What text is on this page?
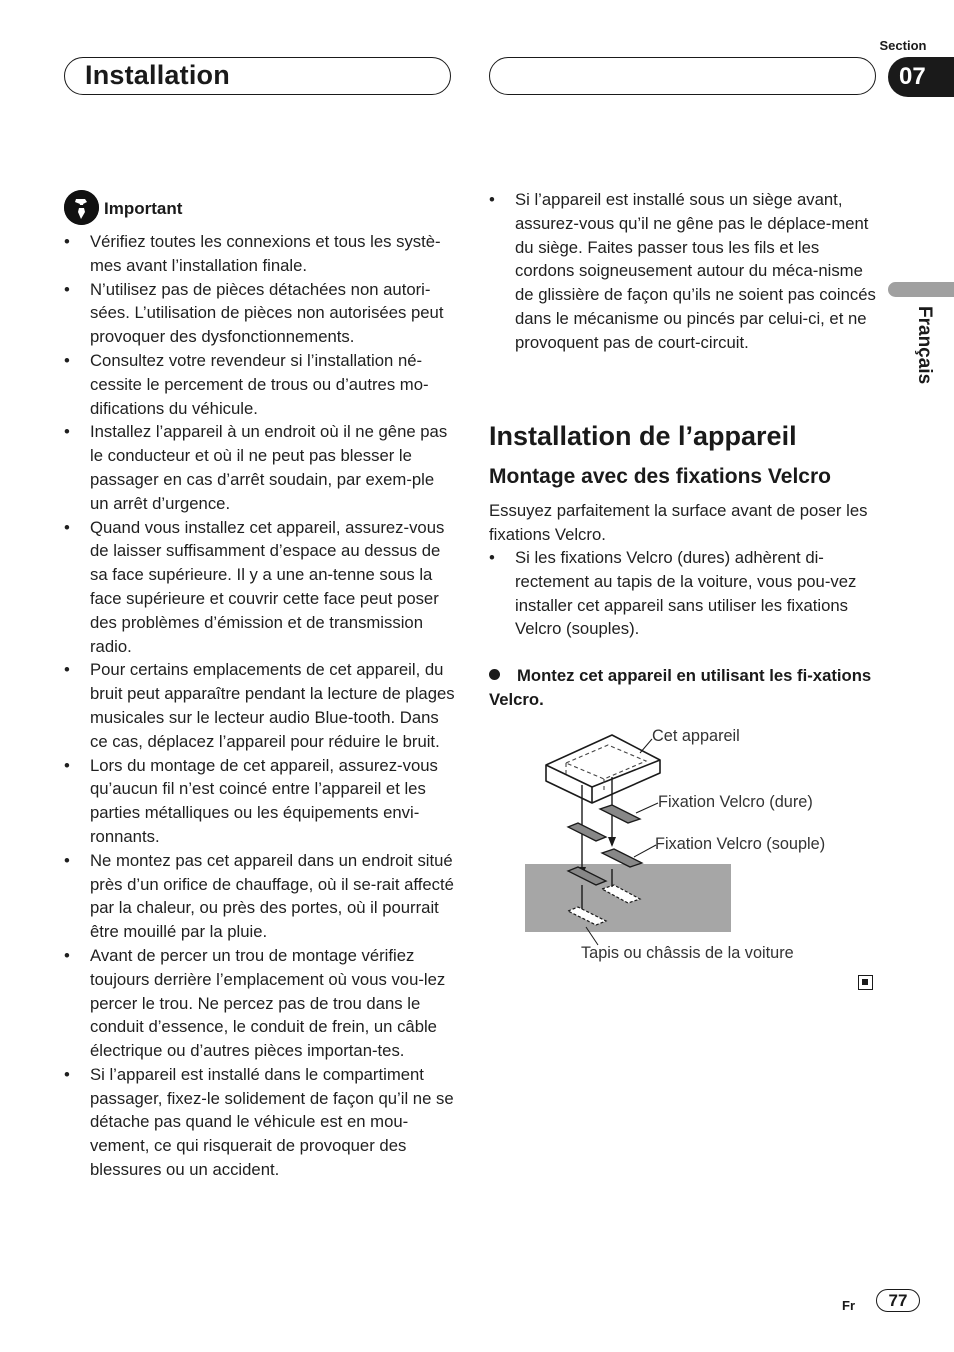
Installation
Section
07
Français
Important
• Vérifiez toutes les connexions et tous les systè-mes avant l’installation finale.
• N’utilisez pas de pièces détachées non autori-sées. L’utilisation de pièces non autorisées peut provoquer des dysfonctionnements.
• Consultez votre revendeur si l’installation né-cessite le percement de trous ou d’autres mo-difications du véhicule.
• Installez l’appareil à un endroit où il ne gêne pas le conducteur et où il ne peut pas blesser le passager en cas d’arrêt soudain, par exem-ple un arrêt d’urgence.
• Quand vous installez cet appareil, assurez-vous de laisser suffisamment d’espace au dessus de sa face supérieure. Il y a une an-tenne sous la face supérieure et couvrir cette face peut poser des problèmes d’émission et de transmission radio.
• Pour certains emplacements de cet appareil, du bruit peut apparaître pendant la lecture de plages musicales sur le lecteur audio Blue-tooth. Dans ce cas, déplacez l’appareil pour réduire le bruit.
• Lors du montage de cet appareil, assurez-vous qu’aucun fil n’est coincé entre l’appareil et les parties métalliques ou les équipements envi-ronnants.
• Ne montez pas cet appareil dans un endroit situé près d’un orifice de chauffage, où il se-rait affecté par la chaleur, ou près des portes, où il pourrait être mouillé par la pluie.
• Avant de percer un trou de montage vérifiez toujours derrière l’emplacement où vous vou-lez percer le trou. Ne percez pas de trou dans le conduit d’essence, le conduit de frein, un câble électrique ou d’autres pièces importan-tes.
• Si l’appareil est installé dans le compartiment passager, fixez-le solidement de façon qu’il ne se détache pas quand le véhicule est en mou-vement, ce qui risquerait de provoquer des blessures ou un accident.
• Si l’appareil est installé sous un siège avant, assurez-vous qu’il ne gêne pas le déplace-ment du siège. Faites passer tous les fils et les cordons soigneusement autour du méca-nisme de glissière de façon qu’ils ne soient pas coincés dans le mécanisme ou pincés par celui-ci, et ne provoquent pas de court-circuit.
Installation de l’appareil
Montage avec des fixations Velcro
Essuyez parfaitement la surface avant de poser les fixations Velcro.
• Si les fixations Velcro (dures) adhèrent di-rectement au tapis de la voiture, vous pou-vez installer cet appareil sans utiliser les fixations Velcro (souples).
Montez cet appareil en utilisant les fi-xations Velcro.
Cet appareil
Fixation Velcro (dure)
Fixation Velcro (souple)
Tapis ou châssis de la voiture
Fr	77
